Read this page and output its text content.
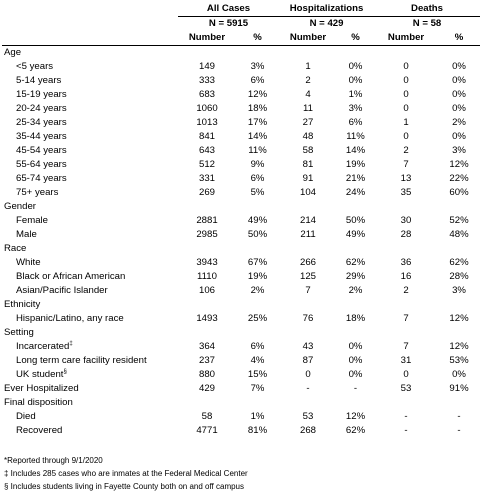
	All Cases		Hospitalizations		Deaths	
	N = 5915		N = 429		N = 58	
	Number	%	Number	%	Number	%
Age						
<5 years	149	3%	1	0%	0	0%
5-14 years	333	6%	2	0%	0	0%
15-19 years	683	12%	4	1%	0	0%
20-24 years	1060	18%	11	3%	0	0%
25-34 years	1013	17%	27	6%	1	2%
35-44 years	841	14%	48	11%	0	0%
45-54 years	643	11%	58	14%	2	3%
55-64 years	512	9%	81	19%	7	12%
65-74 years	331	6%	91	21%	13	22%
75+ years	269	5%	104	24%	35	60%
Gender						
Female	2881	49%	214	50%	30	52%
Male	2985	50%	211	49%	28	48%
Race						
White	3943	67%	266	62%	36	62%
Black or African American	1110	19%	125	29%	16	28%
Asian/Pacific Islander	106	2%	7	2%	2	3%
Ethnicity						
Hispanic/Latino, any race	1493	25%	76	18%	7	12%
Setting						
Incarcerated‡	364	6%	43	0%	7	12%
Long term care facility resident	237	4%	87	0%	31	53%
UK student§	880	15%	0	0%	0	0%
Ever Hospitalized	429	7%	-	-	53	91%
Final disposition						
Died	58	1%	53	12%	-	-
Recovered	4771	81%	268	62%	-	-
*Reported through 9/1/2020
‡ Includes 285 cases who are inmates at the Federal Medical Center
§ Includes students living in Fayette County both on and off campus
